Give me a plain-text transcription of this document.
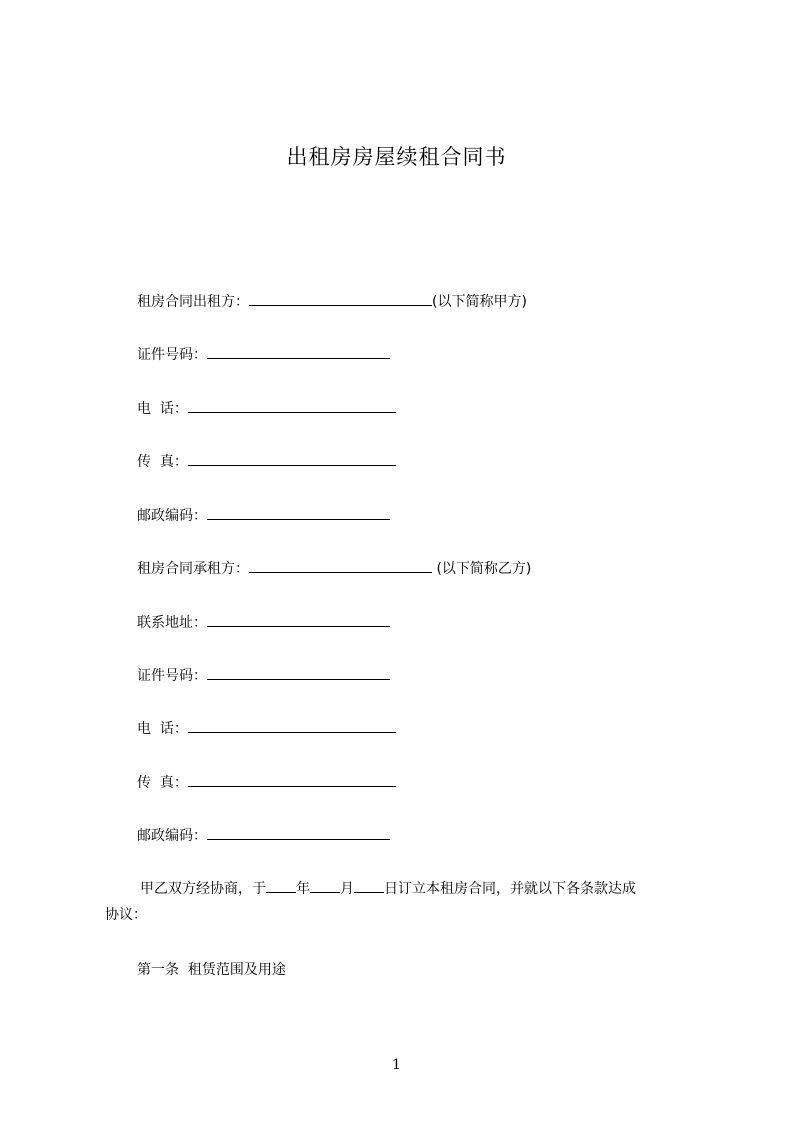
出租房房屋续租合同书
租房合同出租方：	(以下简称甲方)
证件号码：
电  话：
传  真：
邮政编码：
租房合同承租方：	(以下简称乙方)
联系地址：
证件号码：
电  话：
传  真：
邮政编码：
甲乙双方经协商，于 年 月 日订立本租房合同，并就以下各条款达成
协议：
第一条  租赁范围及用途
1
